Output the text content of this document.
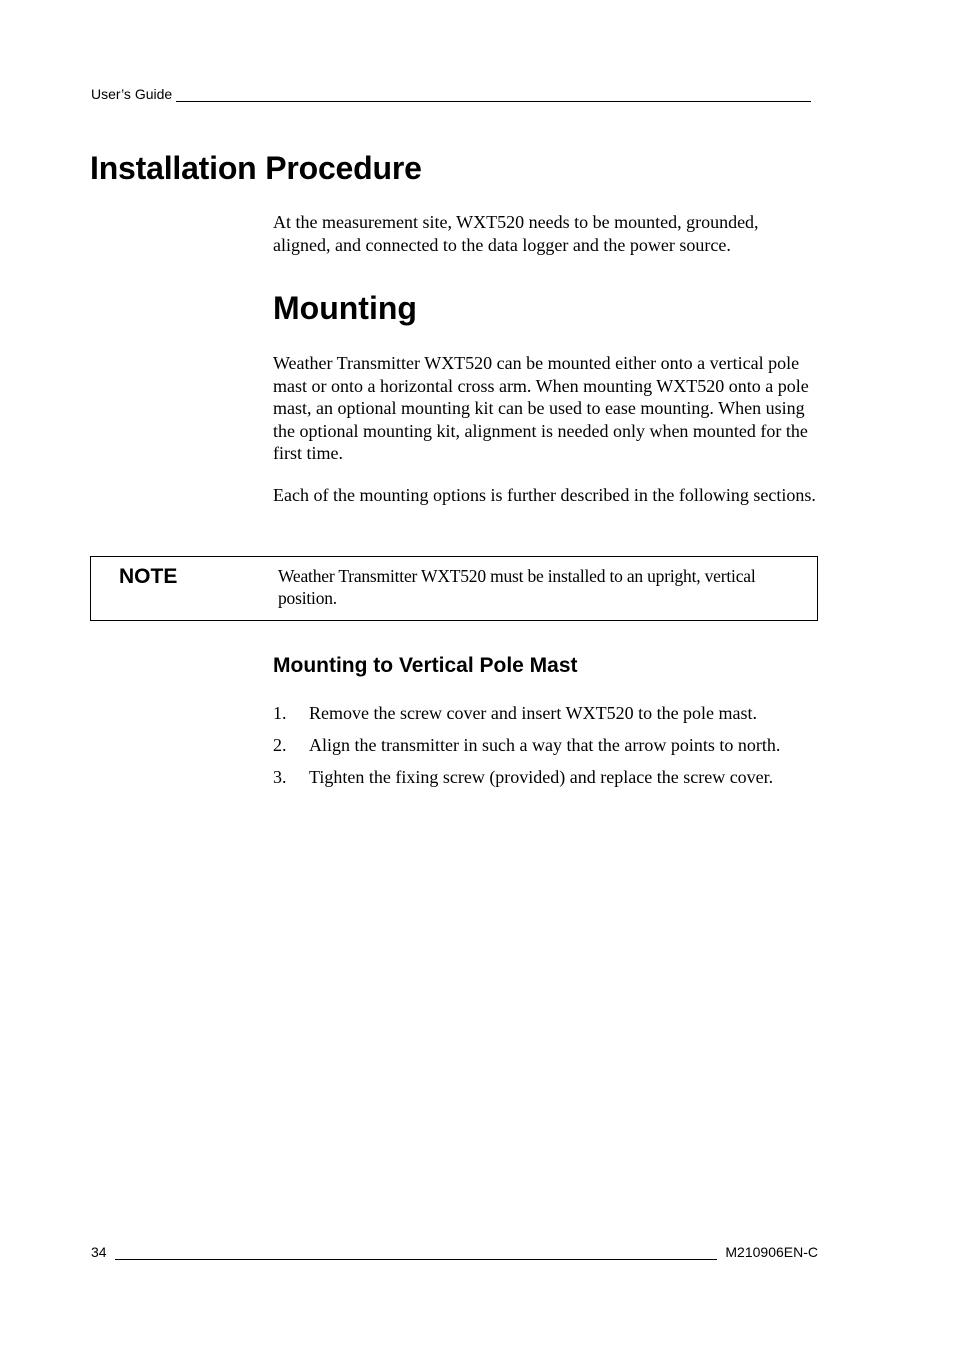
User’s Guide
Installation Procedure

At the measurement site, WXT520 needs to be mounted, grounded, aligned, and connected to the data logger and the power source.

Mounting

Weather Transmitter WXT520 can be mounted either onto a vertical pole mast or onto a horizontal cross arm. When mounting WXT520 onto a pole mast, an optional mounting kit can be used to ease mounting. When using the optional mounting kit, alignment is needed only when mounted for the first time.

Each of the mounting options is further described in the following sections.

NOTE	Weather Transmitter WXT520 must be installed to an upright, vertical position.
Mounting to Vertical Pole Mast
1.	Remove the screw cover and insert WXT520 to the pole mast.
2.	Align the transmitter in such a way that the arrow points to north.
3.	Tighten the fixing screw (provided) and replace the screw cover.
34	M210906EN-C
